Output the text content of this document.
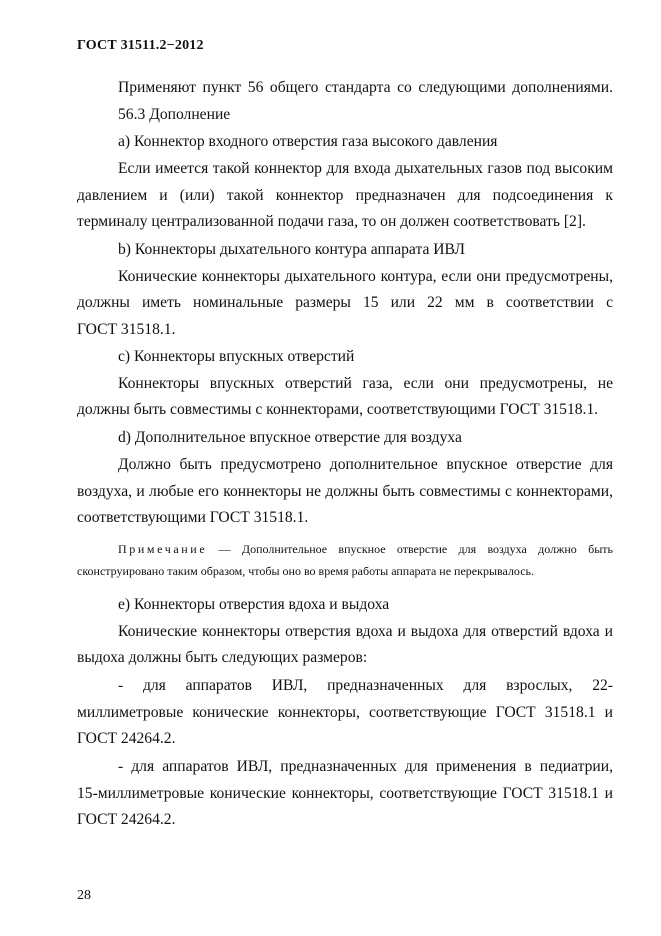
ГОСТ 31511.2−2012
Применяют пункт 56 общего стандарта со следующими дополнениями.
56.3 Дополнение
a) Коннектор входного отверстия газа высокого давления
Если имеется такой коннектор для входа дыхательных газов под высоким
давлением и (или) такой коннектор предназначен для подсоединения к
терминалу централизованной подачи газа, то он должен соответствовать [2].
b) Коннекторы дыхательного контура аппарата ИВЛ
Конические коннекторы дыхательного контура, если они предусмотрены,
должны иметь номинальные размеры 15 или 22 мм в соответствии с
ГОСТ 31518.1.
c) Коннекторы впускных отверстий
Коннекторы впускных отверстий газа, если они предусмотрены, не
должны быть совместимы с коннекторами, соответствующими ГОСТ 31518.1.
d) Дополнительное впускное отверстие для воздуха
Должно быть предусмотрено дополнительное впускное отверстие для
воздуха, и любые его коннекторы не должны быть совместимы с коннекторами,
соответствующими ГОСТ 31518.1.
Примечание — Дополнительное впускное отверстие для воздуха должно быть
сконструировано таким образом, чтобы оно во время работы аппарата не перекрывалось.
e) Коннекторы отверстия вдоха и выдоха
Конические коннекторы отверстия вдоха и выдоха для отверстий вдоха и
выдоха должны быть следующих размеров:
- для аппаратов ИВЛ, предназначенных для взрослых, 22-
миллиметровые конические коннекторы, соответствующие ГОСТ 31518.1 и
ГОСТ 24264.2.
- для аппаратов ИВЛ, предназначенных для применения в педиатрии,
15-миллиметровые конические коннекторы, соответствующие ГОСТ 31518.1 и
ГОСТ 24264.2.
28
